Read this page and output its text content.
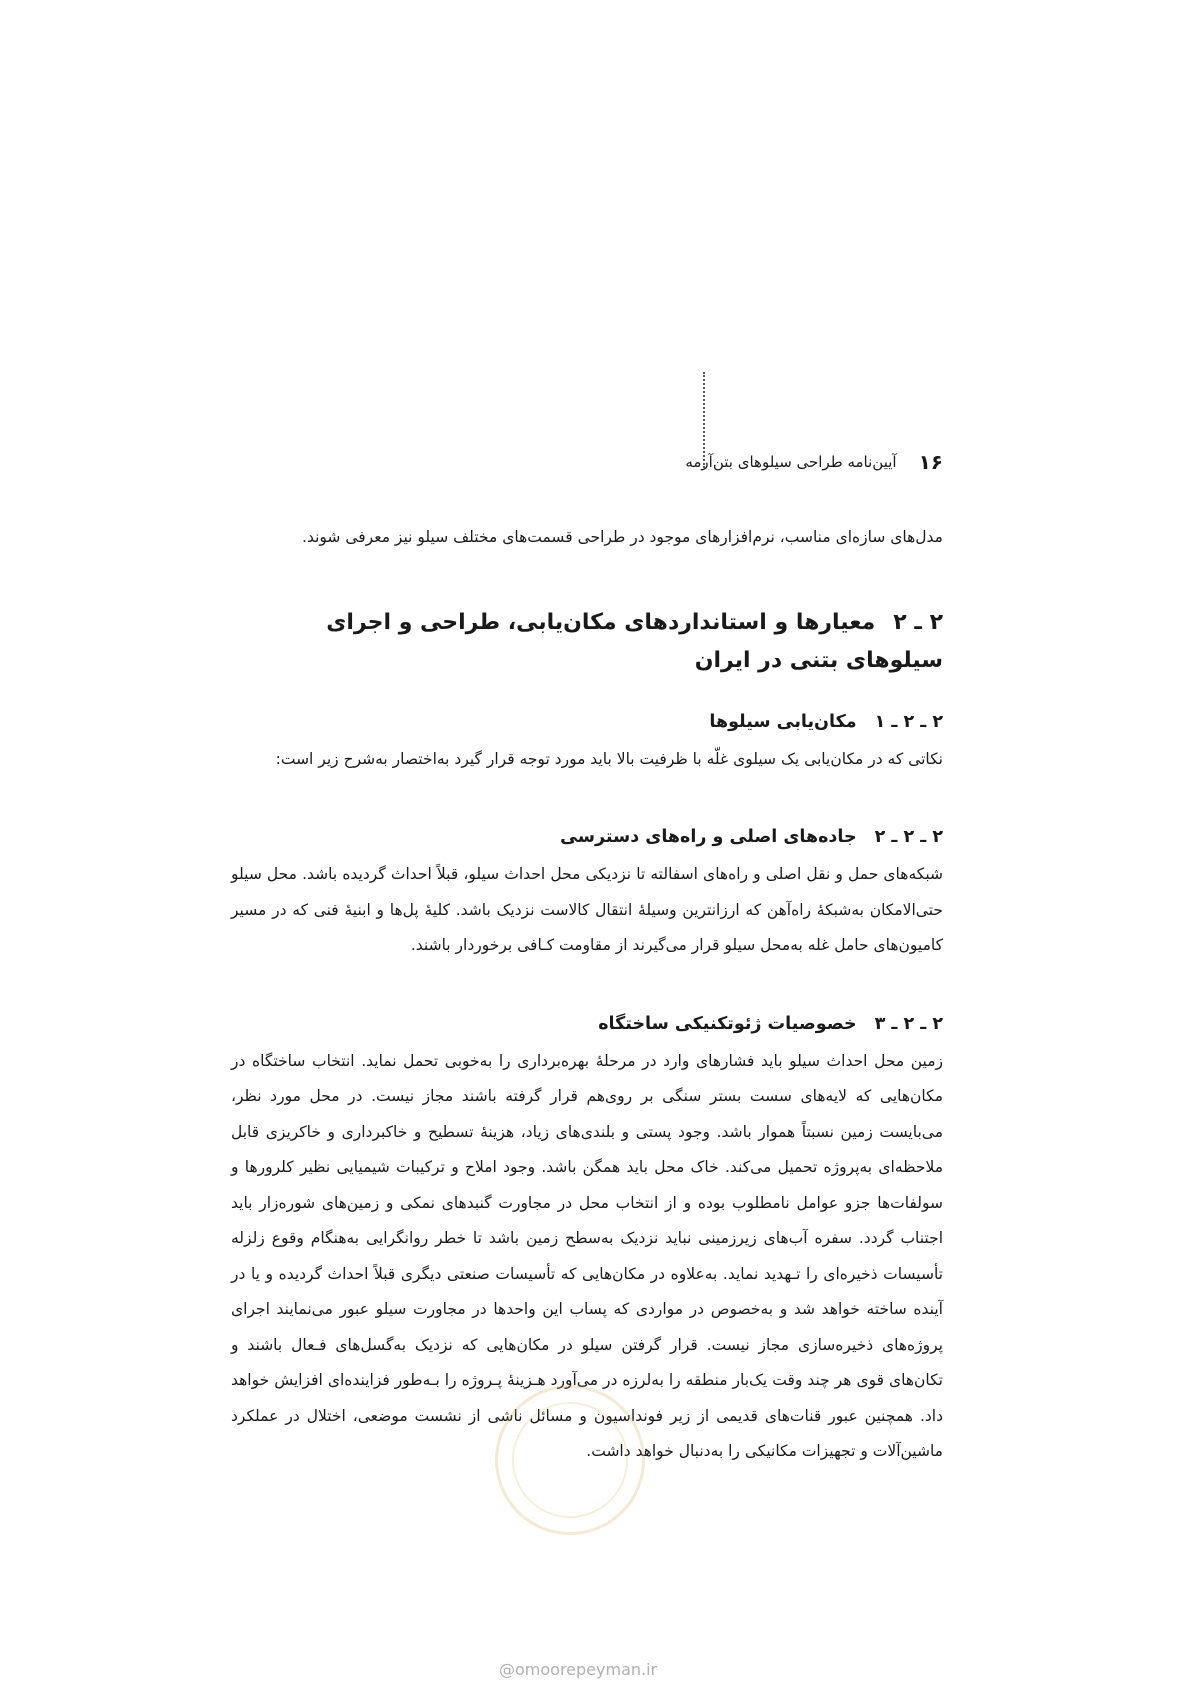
۱۶
آیین‌نامه طراحی سیلوهای بتن‌آرمه

مدل‌های سازه‌ای مناسب، نرم‌افزارهای موجود در طراحی قسمت‌های مختلف سیلو نیز معرفی شوند.

۲ ـ ۲معیارها و استانداردهای مکان‌یابی، طراحی و اجرای سیلوهای بتنی در ایران
۲ ـ ۲ ـ ۱مکان‌یابی سیلوها

نکاتی که در مکان‌یابی یک سیلوی غلّه با ظرفیت بالا باید مورد توجه قرار گیرد به‌اختصار به‌شرح زیر است:

۲ ـ ۲ ـ ۲جاده‌های اصلی و راه‌های دسترسی

شبکه‌های حمل و نقل اصلی و راه‌های اسفالته تا نزدیکی محل احداث سیلو، قبلاً احداث گردیده باشد. محل سیلو حتی‌الامکان به‌شبکهٔ راه‌آهن که ارزانترین وسیلهٔ انتقال کالاست نزدیک باشد. کلیهٔ پل‌ها و ابنیهٔ فنی که در مسیر کامیون‌های حامل غله به‌محل سیلو قرار می‌گیرند از مقاومت کـافی برخوردار باشند.

۲ ـ ۲ ـ ۳خصوصیات ژئوتکنیکی ساختگاه

زمین محل احداث سیلو باید فشارهای وارد در مرحلهٔ بهره‌برداری را به‌خوبی تحمل نماید. انتخاب ساختگاه در مکان‌هایی که لایه‌های سست بستر سنگی بر روی‌هم قرار گرفته باشند مجاز نیست. در محل مورد نظر، می‌بایست زمین نسبتاً هموار باشد. وجود پستی و بلندی‌های زیاد، هزینهٔ تسطیح و خاکبرداری و خاکریزی قابل ملاحظه‌ای به‌پروژه تحمیل می‌کند. خاک محل باید همگن باشد. وجود املاح و ترکیبات شیمیایی نظیر کلرورها و سولفات‌ها جزو عوامل نامطلوب بوده و از انتخاب محل در مجاورت گنبدهای نمکی و زمین‌های شوره‌زار باید اجتناب گردد. سفره آب‌های زیرزمینی نباید نزدیک به‌سطح زمین باشد تا خطر روانگرایی به‌هنگام وقوع زلزله تأسیسات ذخیره‌ای را تـهدید نماید. به‌علاوه در مکان‌هایی که تأسیسات صنعتی دیگری قبلاً احداث گردیده و یا در آینده ساخته خواهد شد و به‌خصوص در مواردی که پساب این واحدها در مجاورت سیلو عبور می‌نمایند اجرای پروژه‌های ذخیره‌سازی مجاز نیست. قرار گرفتن سیلو در مکان‌هایی که نزدیک به‌گسل‌های فـعال باشند و تکان‌های قوی هر چند وقت یک‌بار منطقه را به‌لرزه در می‌آورد هـزینهٔ پـروژه را بـه‌طور فزاینده‌ای افزایش خواهد داد. همچنین عبور قنات‌های قدیمی از زیر فونداسیون و مسائل ناشی از نشست موضعی، اختلال در عملکرد ماشین‌آلات و تجهیزات مکانیکی را به‌دنبال خواهد داشت.

@omoorepeyman.ir
